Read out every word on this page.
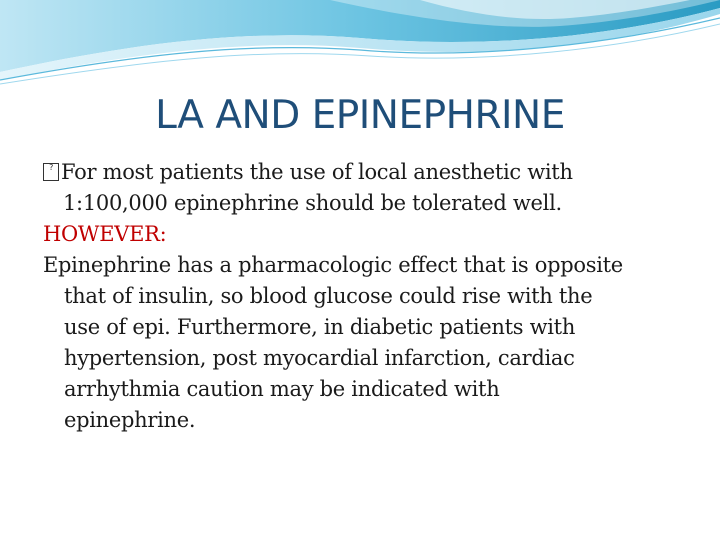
LA AND EPINEPHRINE
? For most patients the use of local anesthetic with
1:100,000 epinephrine should be tolerated well.
HOWEVER:
Epinephrine has a pharmacologic effect that is opposite
that of insulin, so blood glucose could rise with the
use of epi. Furthermore, in diabetic patients with
hypertension, post myocardial infarction, cardiac
arrhythmia caution may be indicated with
epinephrine.
